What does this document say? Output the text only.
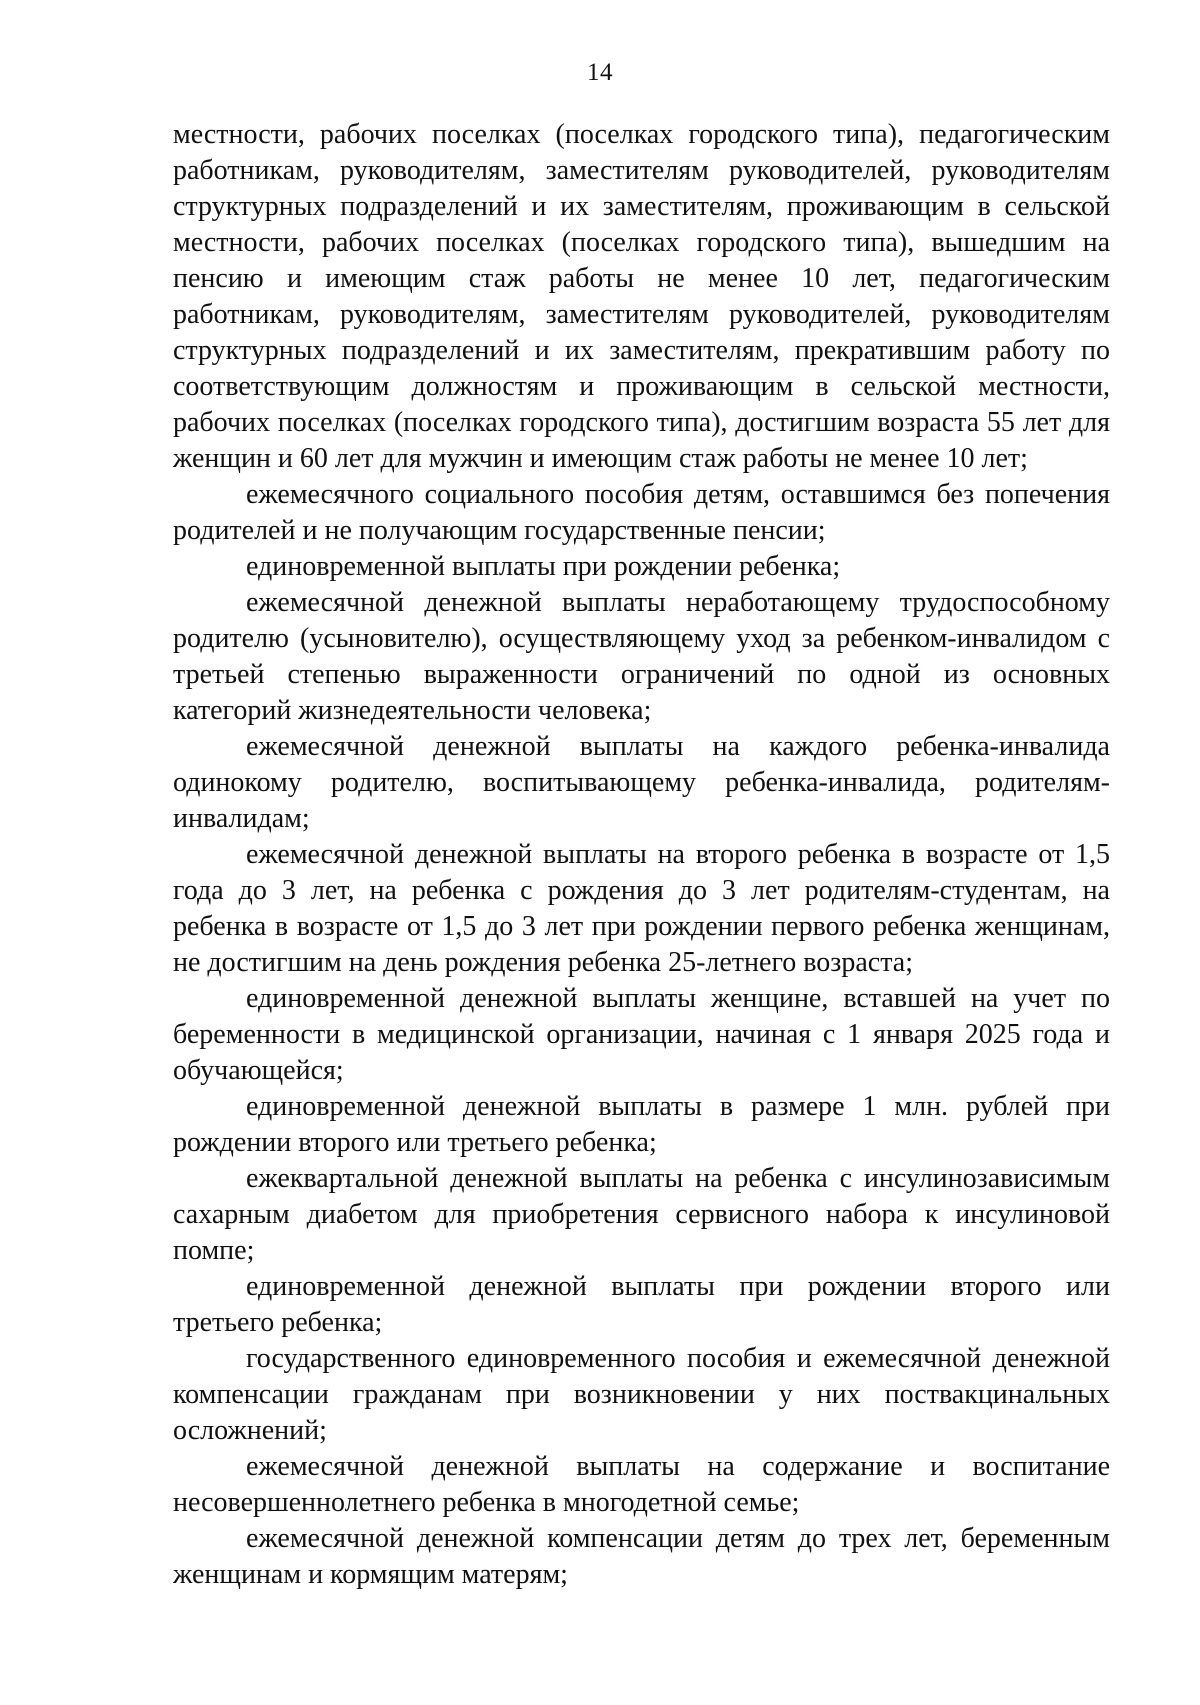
14

местности, рабочих поселках (поселках городского типа), педагогическим работникам, руководителям, заместителям руководителей, руководителям структурных подразделений и их заместителям, проживающим в сельской местности, рабочих поселках (поселках городского типа), вышедшим на пенсию и имеющим стаж работы не менее 10 лет, педагогическим работникам, руководителям, заместителям руководителей, руководителям структурных подразделений и их заместителям, прекратившим работу по соответствующим должностям и проживающим в сельской местности, рабочих поселках (поселках городского типа), достигшим возраста 55 лет для женщин и 60 лет для мужчин и имеющим стаж работы не менее 10 лет;

ежемесячного социального пособия детям, оставшимся без попечения родителей и не получающим государственные пенсии;

единовременной выплаты при рождении ребенка;

ежемесячной денежной выплаты неработающему трудоспособному родителю (усыновителю), осуществляющему уход за ребенком-инвалидом с третьей степенью выраженности ограничений по одной из основных категорий жизнедеятельности человека;

ежемесячной денежной выплаты на каждого ребенка-инвалида одинокому родителю, воспитывающему ребенка-инвалида, родителям-инвалидам;

ежемесячной денежной выплаты на второго ребенка в возрасте от 1,5 года до 3 лет, на ребенка с рождения до 3 лет родителям-студентам, на ребенка в возрасте от 1,5 до 3 лет при рождении первого ребенка женщинам, не достигшим на день рождения ребенка 25-летнего возраста;

единовременной денежной выплаты женщине, вставшей на учет по беременности в медицинской организации, начиная с 1 января 2025 года и обучающейся;

единовременной денежной выплаты в размере 1 млн. рублей при рождении второго или третьего ребенка;

ежеквартальной денежной выплаты на ребенка с инсулинозависимым сахарным диабетом для приобретения сервисного набора к инсулиновой помпе;

единовременной денежной выплаты при рождении второго или третьего ребенка;

государственного единовременного пособия и ежемесячной денежной компенсации гражданам при возникновении у них поствакцинальных осложнений;

ежемесячной денежной выплаты на содержание и воспитание несовершеннолетнего ребенка в многодетной семье;

ежемесячной денежной компенсации детям до трех лет, беременным женщинам и кормящим матерям;
